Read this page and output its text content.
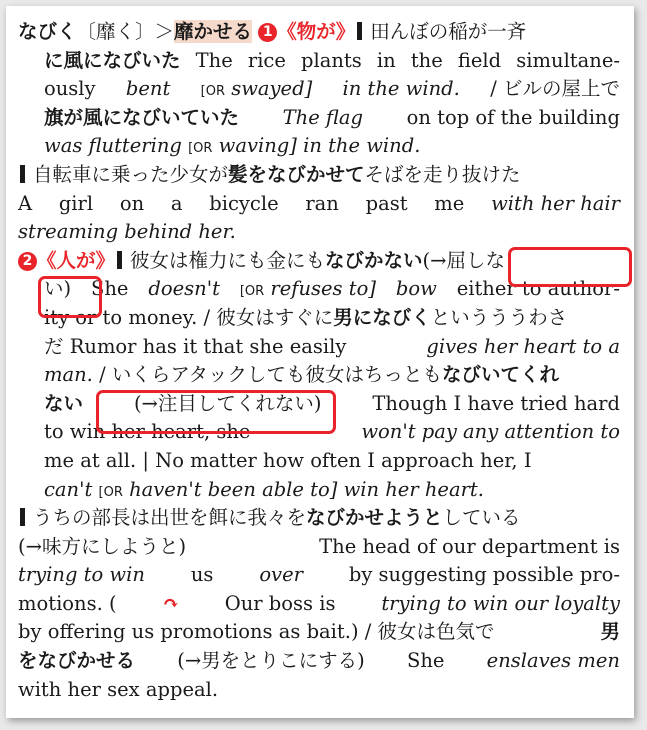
なびく〔靡く〕＞靡かせる 1 《物が》 田んぼの稲が一斉
に風になびいた The rice plants in the field simultane-
ously bent [OR swayed] in the wind. / ビルの屋上で
旗が風になびいていた The flag on top of the building
was fluttering [OR waving] in the wind.
自転車に乗った少女が髪をなびかせてそばを走り抜けた
A girl on a bicycle ran past me with her hair
streaming behind her.
2 《人が》 彼女は権力にも金にもなびかない(→屈しな
い) She doesn't [OR refuses to] bow either to author-
ity or to money. / 彼女はすぐに男になびくというううわさ
だ Rumor has it that she easily	gives her heart to a
man. / いくらアタックしても彼女はちっともなびいてくれ
ない	(→注目してくれない)	Though I have tried hard
to win her heart, she	won't pay any attention to
me at all. | No matter how often I approach her, I
can't [OR haven't been able to] win her heart.
うちの部長は出世を餌に我々をなびかせようとしている
(→味方にしようと)	The head of our department is
trying to win us over by suggesting possible pro-
motions. ( ↷ Our boss is trying to win our loyalty
by offering us promotions as bait.) / 彼女は色気で	男
をなびかせる (→男をとりこにする) She enslaves men
with her sex appeal.
